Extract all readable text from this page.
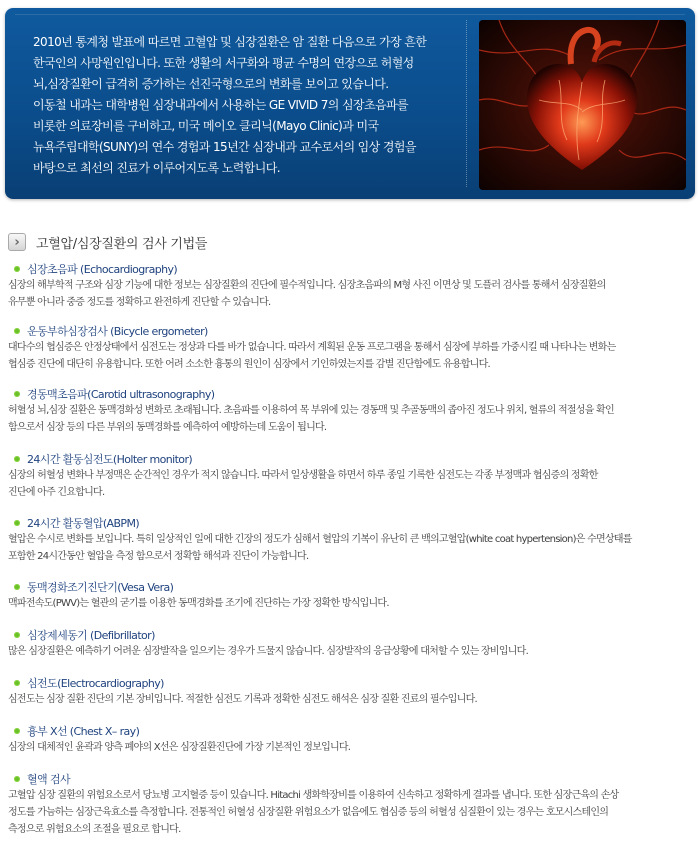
2010년 통계청 발표에 따르면 고혈압 및 심장질환은 암 질환 다음으로 가장 흔한
한국인의 사망원인입니다. 또한 생활의 서구화와 평균 수명의 연장으로 허혈성
뇌,심장질환이 급격히 증가하는 선진국형으로의 변화를 보이고 있습니다.
이동철 내과는 대학병원 심장내과에서 사용하는 GE VIVID 7의 심장초음파를
비롯한 의료장비를 구비하고, 미국 메이오 클리닉(Mayo Clinic)과 미국
뉴욕주립대학(SUNY)의 연수 경험과 15년간 심장내과 교수로서의 임상 경험을
바탕으로 최선의 진료가 이루어지도록 노력합니다.
›	고혈압/심장질환의 검사 기법들
심장초음파 (Echocardiography)
심장의 해부학적 구조와 심장 기능에 대한 정보는 심장질환의 진단에 필수적입니다. 심장초음파의 M형 사진 이면상 및 도플러 검사를 통해서 심장질환의
유무뿐 아니라 중증 정도를 정확하고 완전하게 진단할 수 있습니다.
운동부하심장검사 (Bicycle ergometer)
대다수의 협심증은 안정상태에서 심전도는 정상과 다를 바가 없습니다. 따라서 계획된 운동 프로그램을 통해서 심장에 부하를 가중시킬 때 나타나는 변화는
협심증 진단에 대단히 유용합니다. 또한 어려 소소한 흉통의 원인이 심장에서 기인하였는지를 감별 진단함에도 유용합니다.
경동맥초음파(Carotid ultrasonography)
허혈성 뇌,심장 질환은 동맥경화성 변화로 초래됩니다. 초음파를 이용하여 목 부위에 있는 경동맥 및 추골동맥의 좁아진 정도나 위치, 혈류의 적절성을 확인
함으로서 심장 등의 다른 부위의 동맥경화를 예측하여 예방하는데 도움이 됩니다.
24시간 활동심전도(Holter monitor)
심장의 허혈성 변화나 부정맥은 순간적인 경우가 적지 않습니다. 따라서 일상생활을 하면서 하루 종일 기록한 심전도는 각종 부정맥과 협심증의 정확한
진단에 아주 긴요합니다.
24시간 활동혈압(ABPM)
혈압은 수시로 변화를 보입니다. 특히 일상적인 일에 대한 긴장의 정도가 심해서 혈압의 기복이 유난히 큰 백의고혈압(white coat hypertension)은 수면상태를
포함한 24시간동안 혈압을 측정 함으로서 정확함 해석과 진단이 가능합니다.
동맥경화조기진단기(Vesa Vera)
맥파전속도(PWV)는 혈관의 굳기를 이용한 동맥경화를 조기에 진단하는 가장 정확한 방식입니다.
심장제세동기 (Defibrillator)
많은 심장질환은 예측하기 어려운 심장발작을 일으키는 경우가 드물지 않습니다. 심장발작의 응급상황에 대처할 수 있는 장비입니다.
심전도(Electrocardiography)
심전도는 심장 질환 진단의 기본 장비입니다. 적절한 심전도 기록과 정확한 심전도 해석은 심장 질환 진료의 필수입니다.
흉부 X선 (Chest X– ray)
심장의 대체적인 윤곽과 양측 폐야의 X선은 심장질환진단에 가장 기본적인 정보입니다.
혈액 검사
고혈압 심장 질환의 위험요소로서 당뇨병 고지혈증 등이 있습니다. Hitachi 생화학장비를 이용하여 신속하고 정확하게 결과를 냅니다. 또한 심장근육의 손상
정도를 가늠하는 심장근육효소를 측정합니다. 전통적인 허혈성 심장질환 위험요소가 없음에도 협심증 등의 허혈성 심질환이 있는 경우는 호모시스테인의
측정으로 위험요소의 조절을 필요로 합니다.
